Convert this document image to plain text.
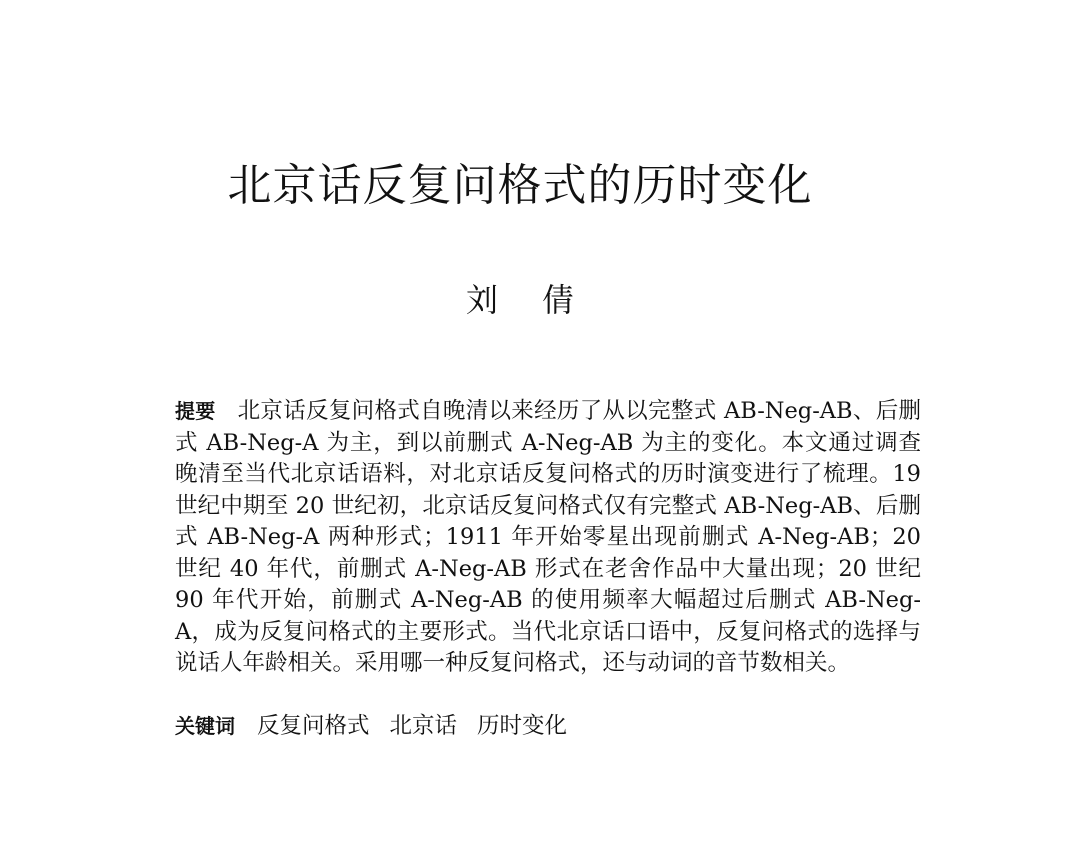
北京话反复问格式的历时变化
刘倩

提要 北京话反复问格式自晚清以来经历了从以完整式 AB-Neg-AB、后删式 AB-Neg-A 为主，到以前删式 A-Neg-AB 为主的变化。本文通过调查晚清至当代北京话语料，对北京话反复问格式的历时演变进行了梳理。19世纪中期至 20 世纪初，北京话反复问格式仅有完整式 AB-Neg-AB、后删式 AB-Neg-A 两种形式；1911 年开始零星出现前删式 A-Neg-AB；20 世纪 40 年代，前删式 A-Neg-AB 形式在老舍作品中大量出现；20 世纪 90 年代开始，前删式 A-Neg-AB 的使用频率大幅超过后删式 AB-Neg-A，成为反复问格式的主要形式。当代北京话口语中，反复问格式的选择与说话人年龄相关。采用哪一种反复问格式，还与动词的音节数相关。

关键词 反复问格式 北京话 历时变化
